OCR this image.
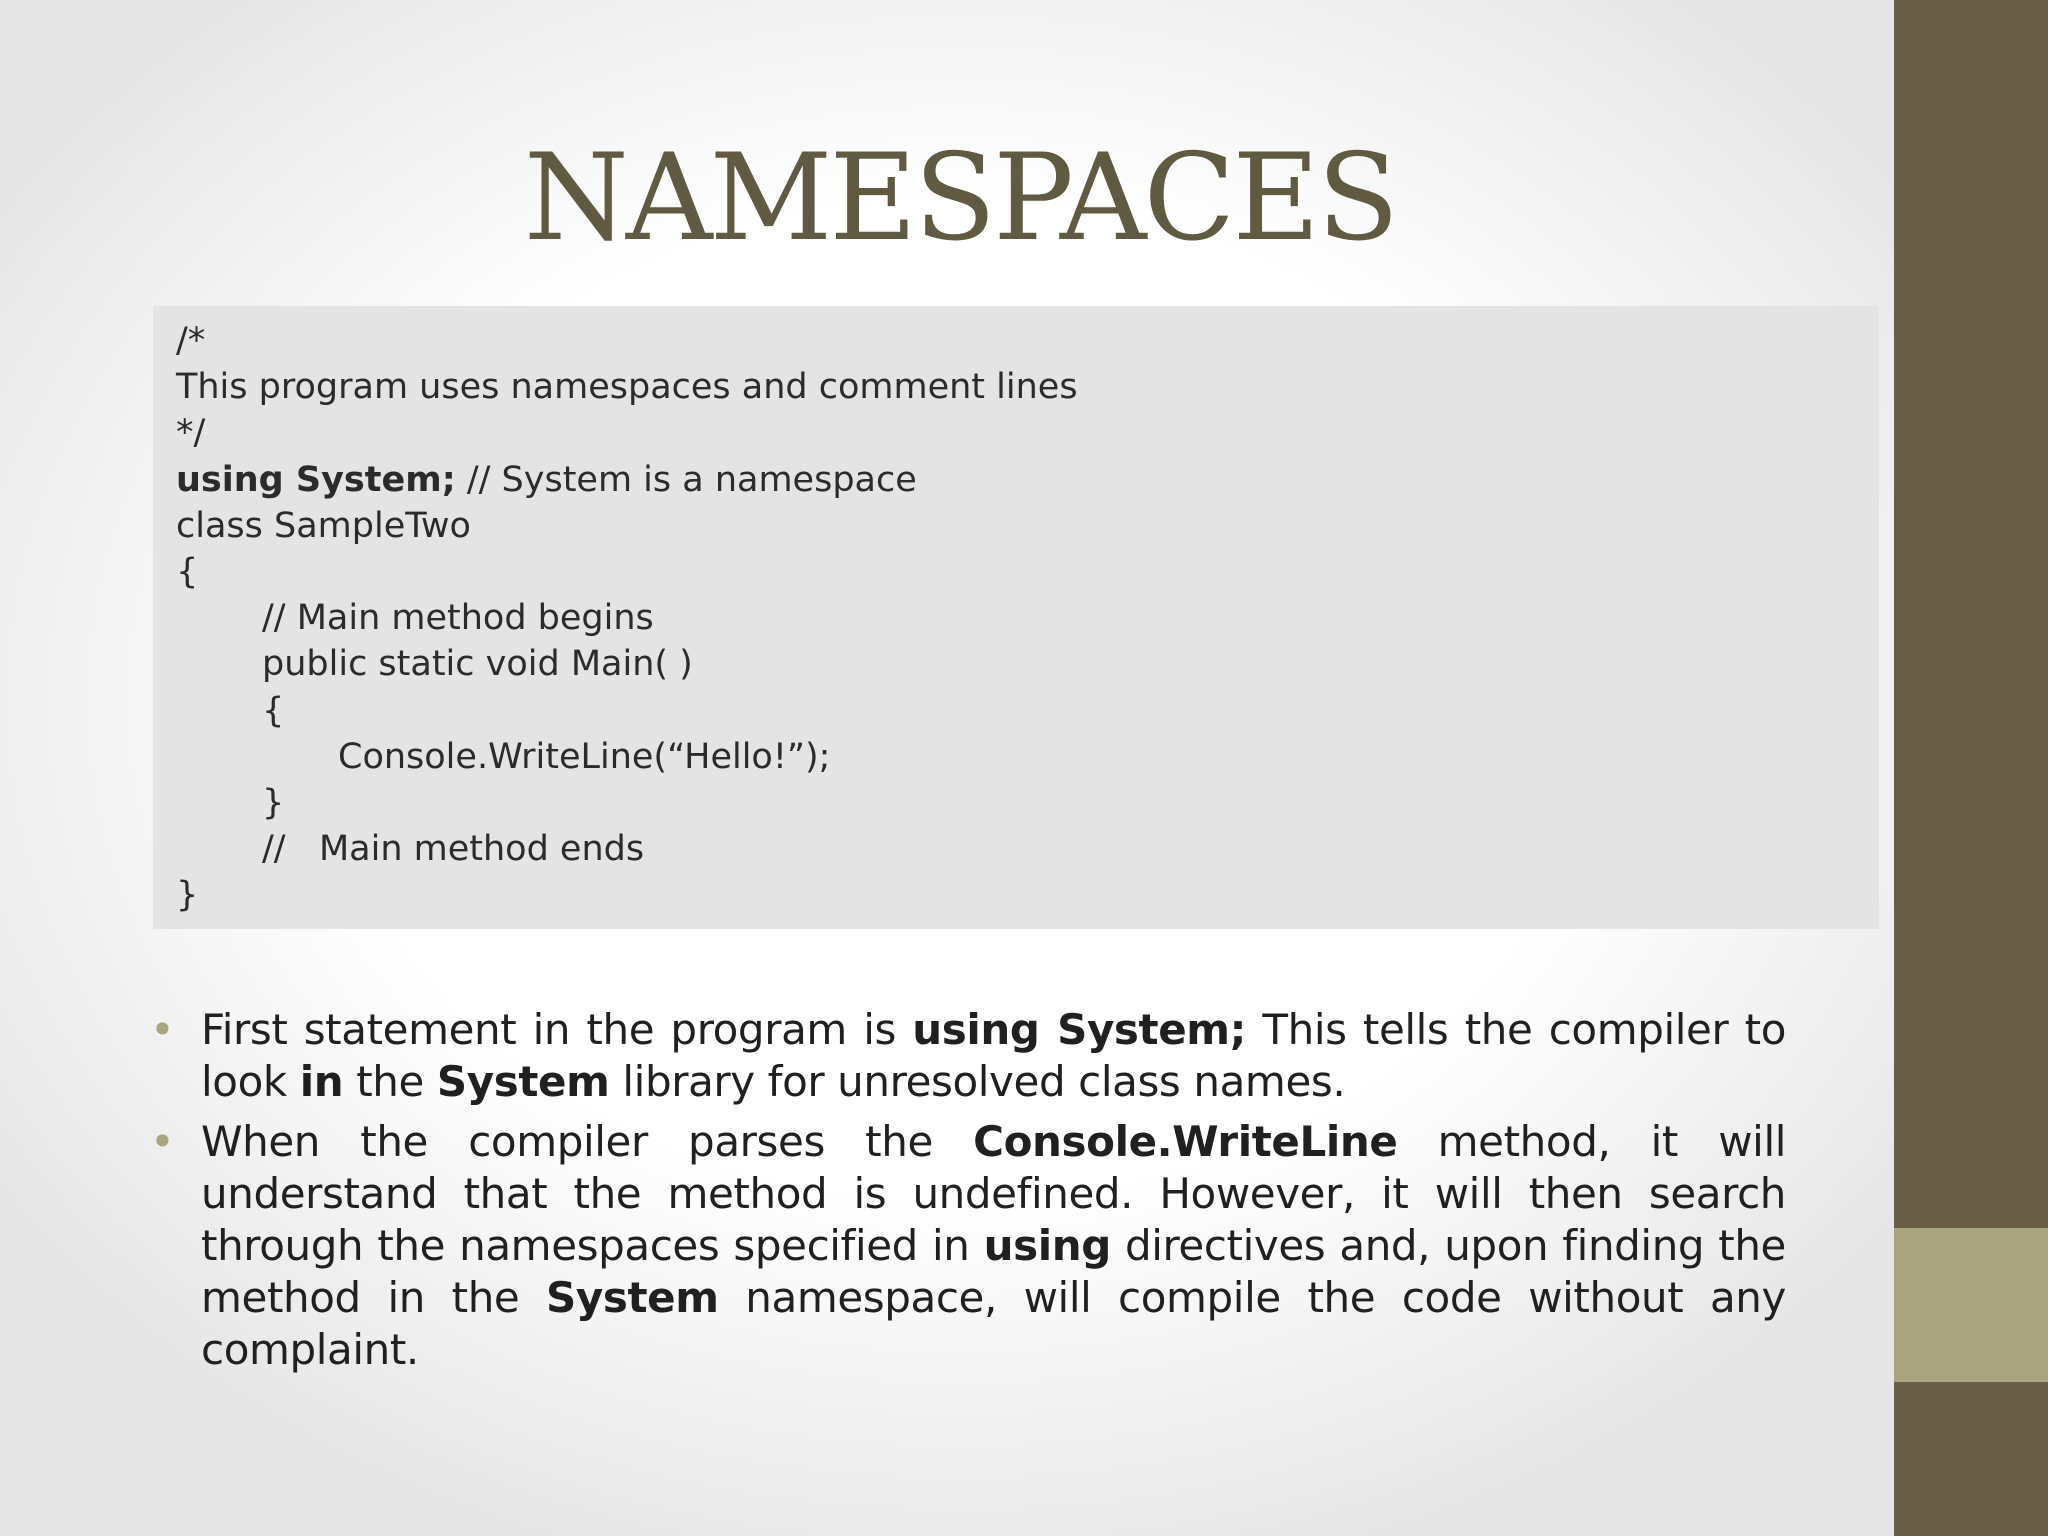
NAMESPACES
/*
This program uses namespaces and comment lines
*/
using System; // System is a namespace
class SampleTwo
{
// Main method begins
public static void Main( )
{
Console.WriteLine(“Hello!”);
}
//   Main method ends
}
• First statement in the program is using System; This tells the compiler to look in the System library for unresolved class names.
• When the compiler parses the Console.WriteLine method, it will understand that the method is undefined. However, it will then search through the namespaces specified in using directives and, upon finding the method in the System namespace, will compile the code without any complaint.
